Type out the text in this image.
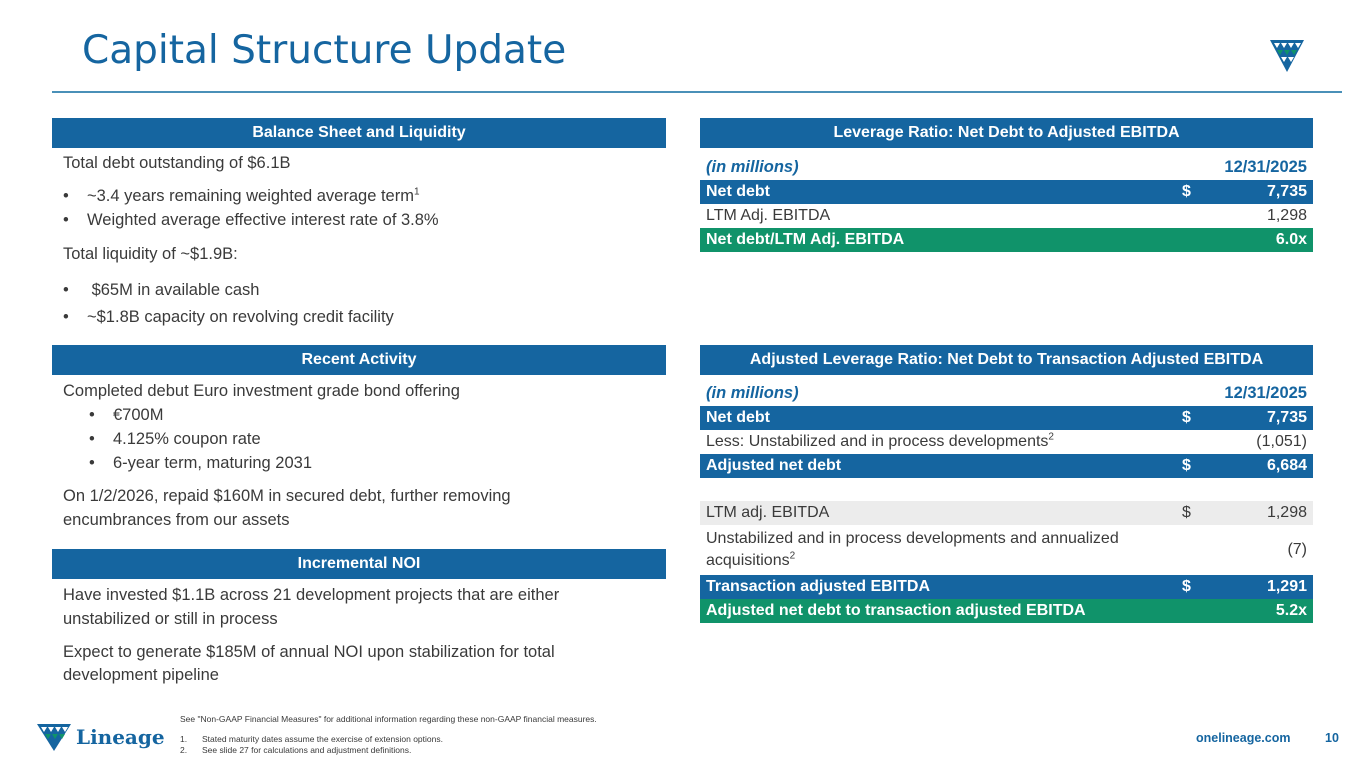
Capital Structure Update
Balance Sheet and Liquidity
Total debt outstanding of $6.1B
• ~3.4 years remaining weighted average term$^1$
• Weighted average effective interest rate of 3.8%
Total liquidity of ~$1.9B:
• $65M in available cash
• ~$1.8B capacity on revolving credit facility
Recent Activity
Completed debut Euro investment grade bond offering
• €700M
• 4.125% coupon rate
• 6-year term, maturing 2031
On 1/2/2026, repaid $160M in secured debt, further removing
encumbrances from our assets
Incremental NOI
Have invested $1.1B across 21 development projects that are either
unstabilized or still in process
Expect to generate $185M of annual NOI upon stabilization for total
development pipeline
Leverage Ratio: Net Debt to Adjusted EBITDA
(in millions)	12/31/2025
Net debt	$	7,735
LTM Adj. EBITDA	1,298
Net debt/LTM Adj. EBITDA	6.0x
Adjusted Leverage Ratio: Net Debt to Transaction Adjusted EBITDA
(in millions)	12/31/2025
Net debt	$	7,735
Less: Unstabilized and in process developments$^2$	(1,051)
Adjusted net debt	$	6,684
LTM adj. EBITDA	$	1,298
Unstabilized and in process developments and annualized
acquisitions$^2$	(7)
Transaction adjusted EBITDA	$	1,291
Adjusted net debt to transaction adjusted EBITDA	5.2x
Lineage
See "Non-GAAP Financial Measures" for additional information regarding these non-GAAP financial measures.
1. Stated maturity dates assume the exercise of extension options.
2. See slide 27 for calculations and adjustment definitions.
onelineage.com	10
